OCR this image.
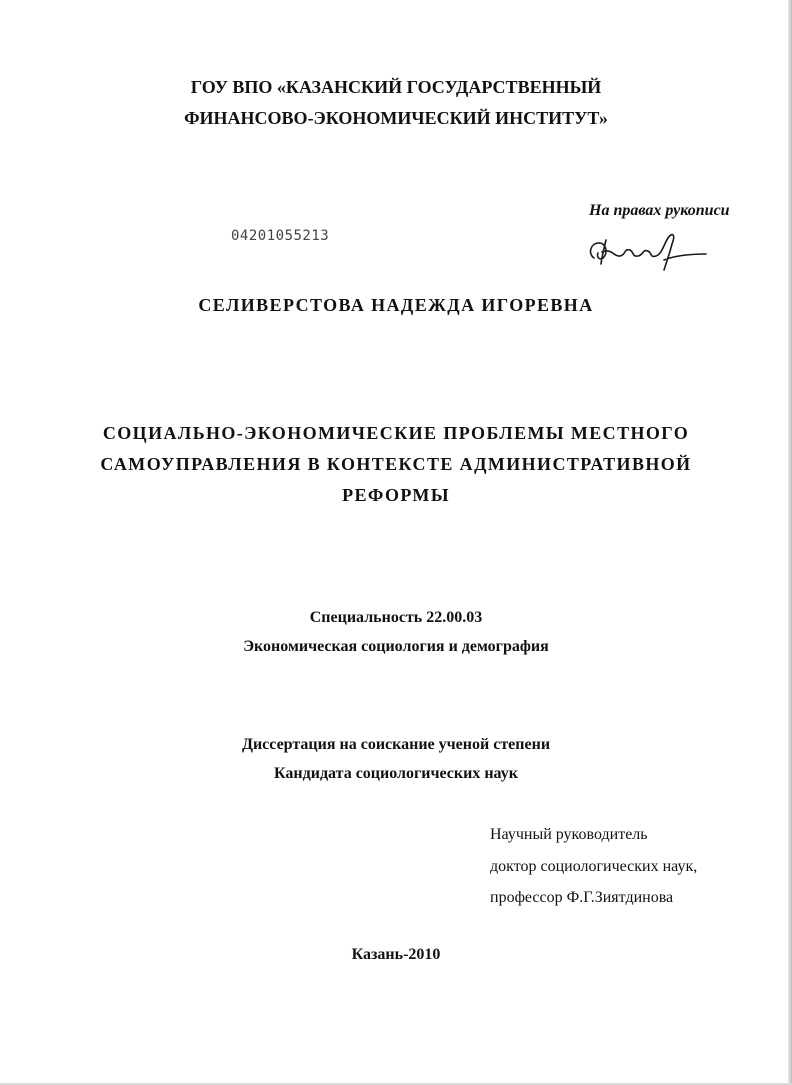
ГОУ ВПО «КАЗАНСКИЙ ГОСУДАРСТВЕННЫЙ
ФИНАНСОВО-ЭКОНОМИЧЕСКИЙ ИНСТИТУТ»
На правах рукописи
04201055213
СЕЛИВЕРСТОВА НАДЕЖДА ИГОРЕВНА
СОЦИАЛЬНО-ЭКОНОМИЧЕСКИЕ ПРОБЛЕМЫ МЕСТНОГО
САМОУПРАВЛЕНИЯ В КОНТЕКСТЕ АДМИНИСТРАТИВНОЙ
РЕФОРМЫ
Специальность 22.00.03
Экономическая социология и демография
Диссертация на соискание ученой степени
Кандидата социологических наук
Научный руководитель
доктор социологических наук,
профессор Ф.Г.Зиятдинова
Казань-2010
